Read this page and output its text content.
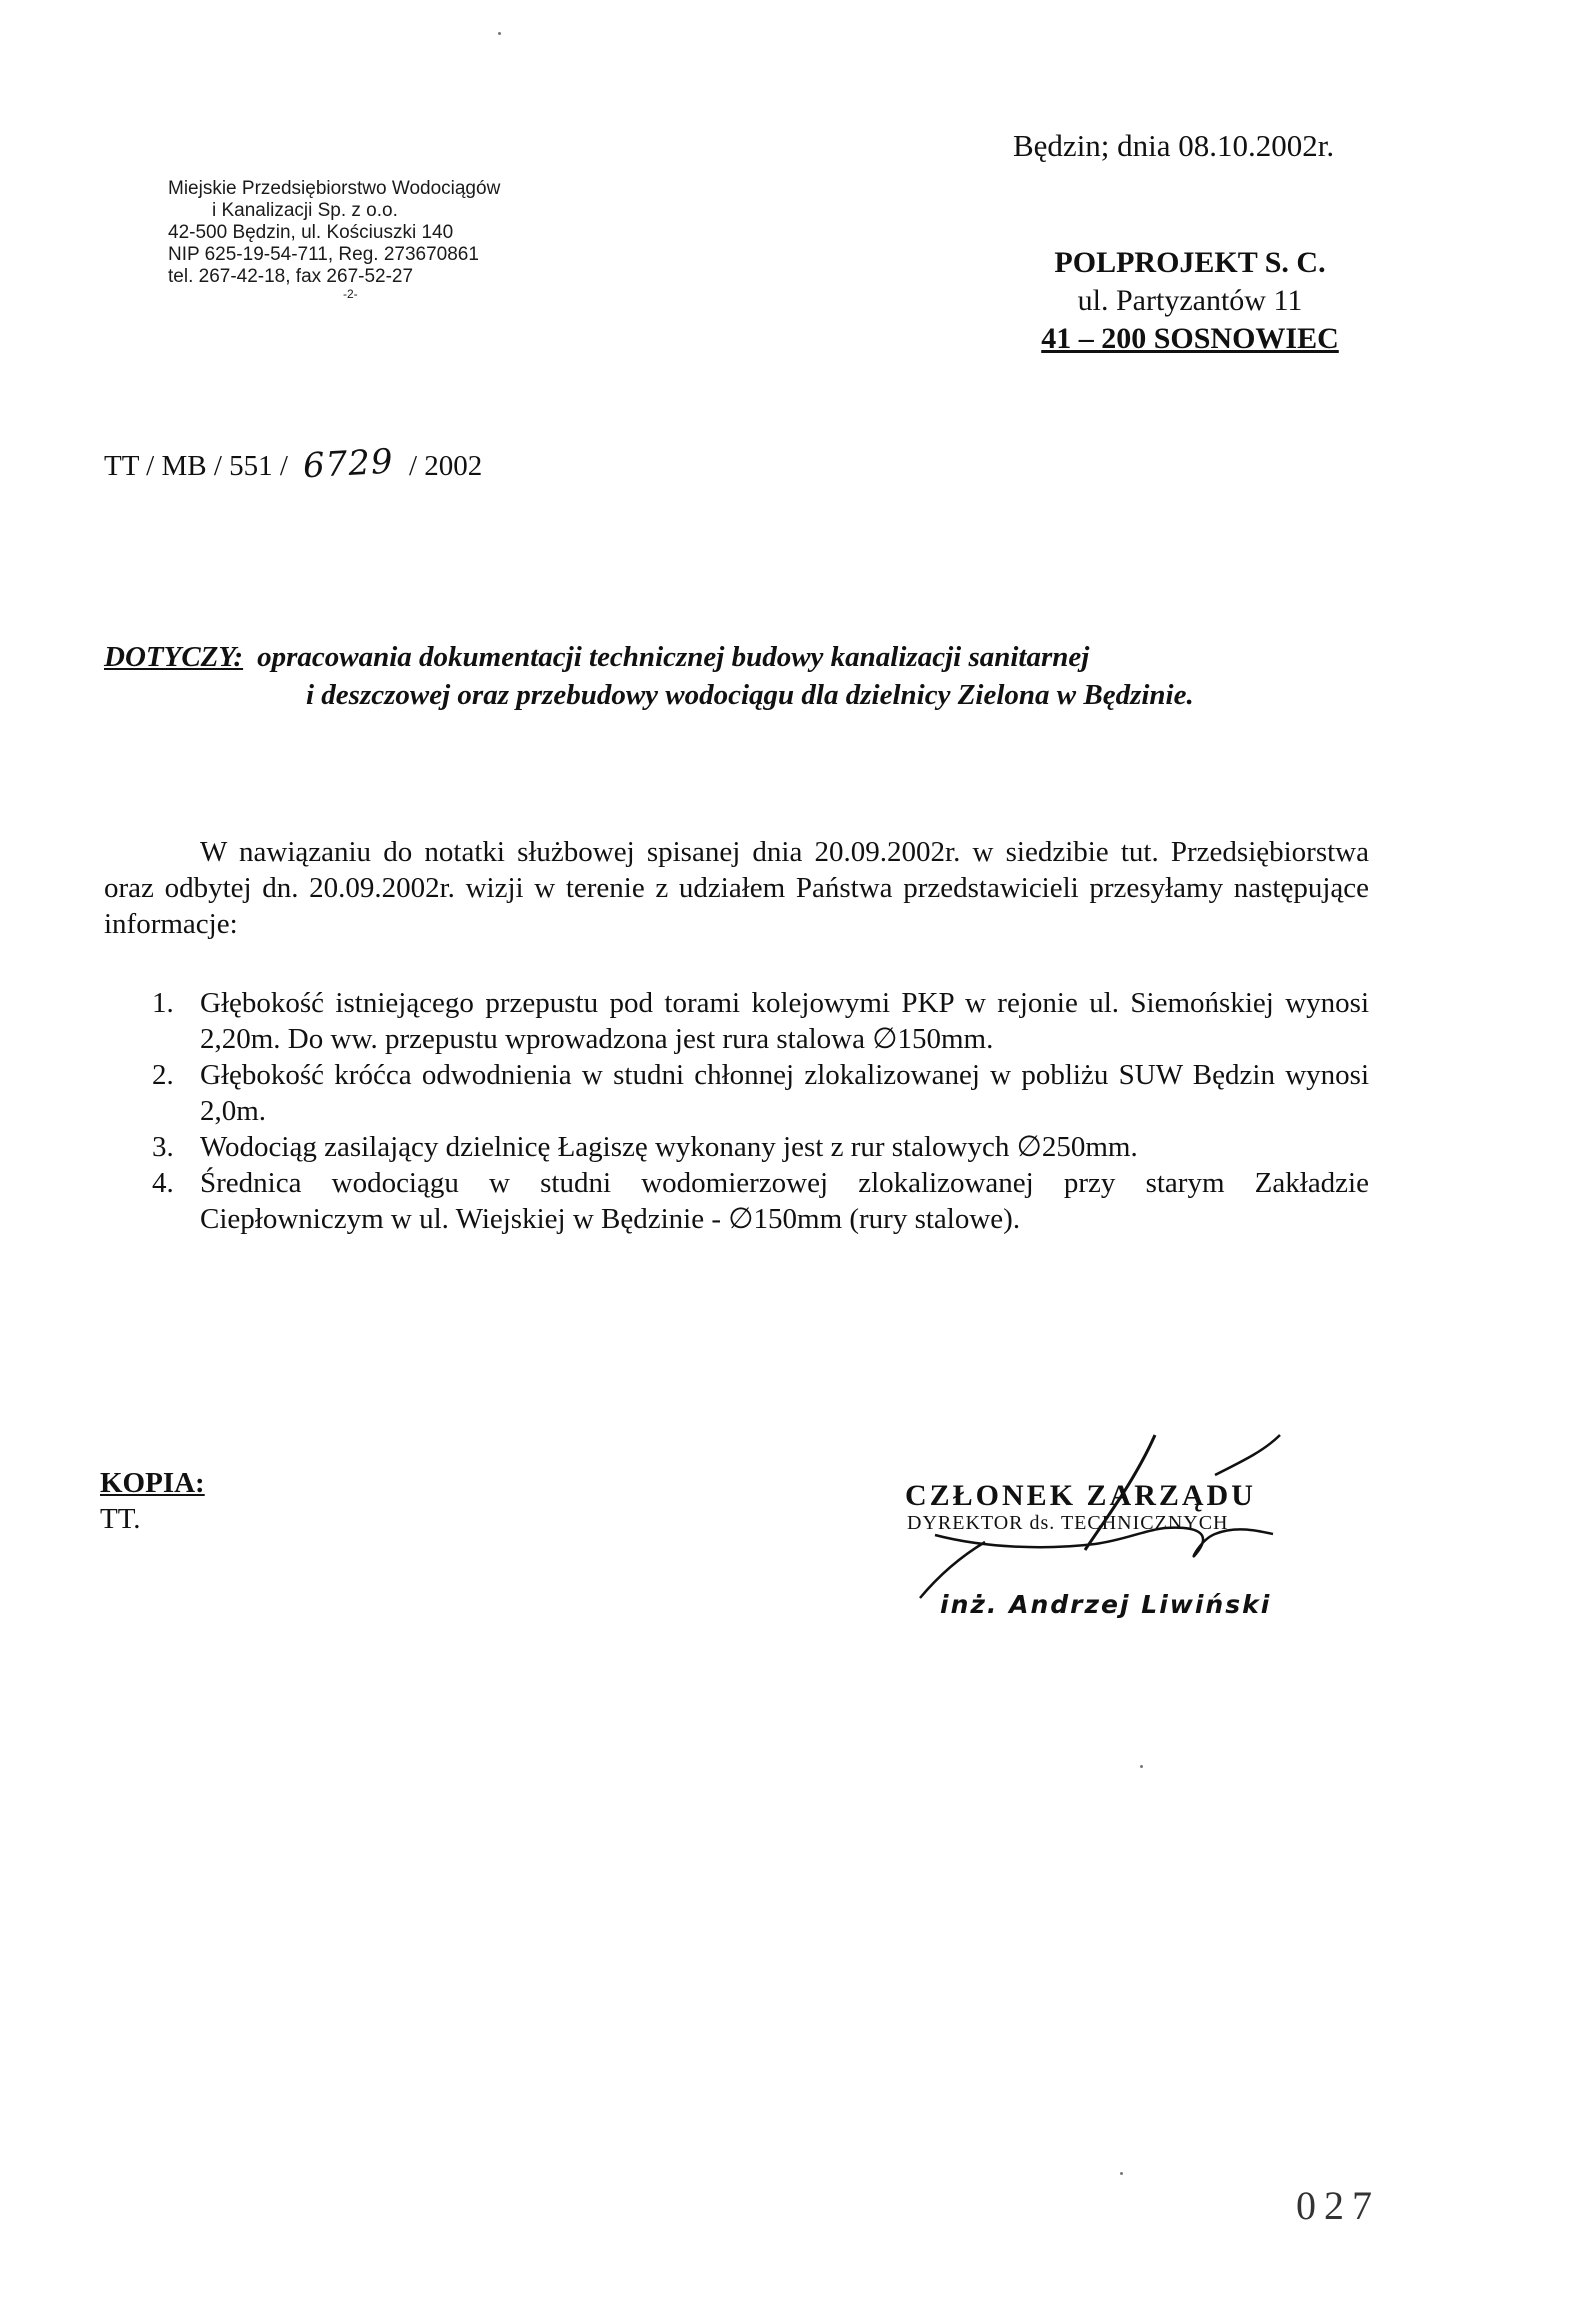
Miejskie Przedsiębiorstwo Wodociągów
i Kanalizacji Sp. z o.o.
42-500 Będzin, ul. Kościuszki 140
NIP 625-19-54-711, Reg. 273670861
tel. 267-42-18, fax 267-52-27
-2-
Będzin; dnia 08.10.2002r.
POLPROJEKT S. C.
ul. Partyzantów 11
41 – 200 SOSNOWIEC
TT / MB / 551 / 6729 / 2002
DOTYCZY: opracowania dokumentacji technicznej budowy kanalizacji sanitarnej
i deszczowej oraz przebudowy wodociągu dla dzielnicy Zielona w Będzinie.

W nawiązaniu do notatki służbowej spisanej dnia 20.09.2002r. w siedzibie tut. Przedsiębiorstwa oraz odbytej dn. 20.09.2002r. wizji w terenie z udziałem Państwa przedstawicieli przesyłamy następujące informacje:

1. Głębokość istniejącego przepustu pod torami kolejowymi PKP w rejonie ul. Siemońskiej wynosi 2,20m. Do ww. przepustu wprowadzona jest rura stalowa ∅150mm.
2. Głębokość króćca odwodnienia w studni chłonnej zlokalizowanej w pobliżu SUW Będzin wynosi 2,0m.
3. Wodociąg zasilający dzielnicę Łagiszę wykonany jest z rur stalowych ∅250mm.
4. Średnica wodociągu w studni wodomierzowej zlokalizowanej przy starym Zakładzie Ciepłowniczym w ul. Wiejskiej w Będzinie - ∅150mm (rury stalowe).
KOPIA:
TT.
CZŁONEK ZARZĄDU
DYREKTOR ds. TECHNICZNYCH
inż. Andrzej Liwiński
027
